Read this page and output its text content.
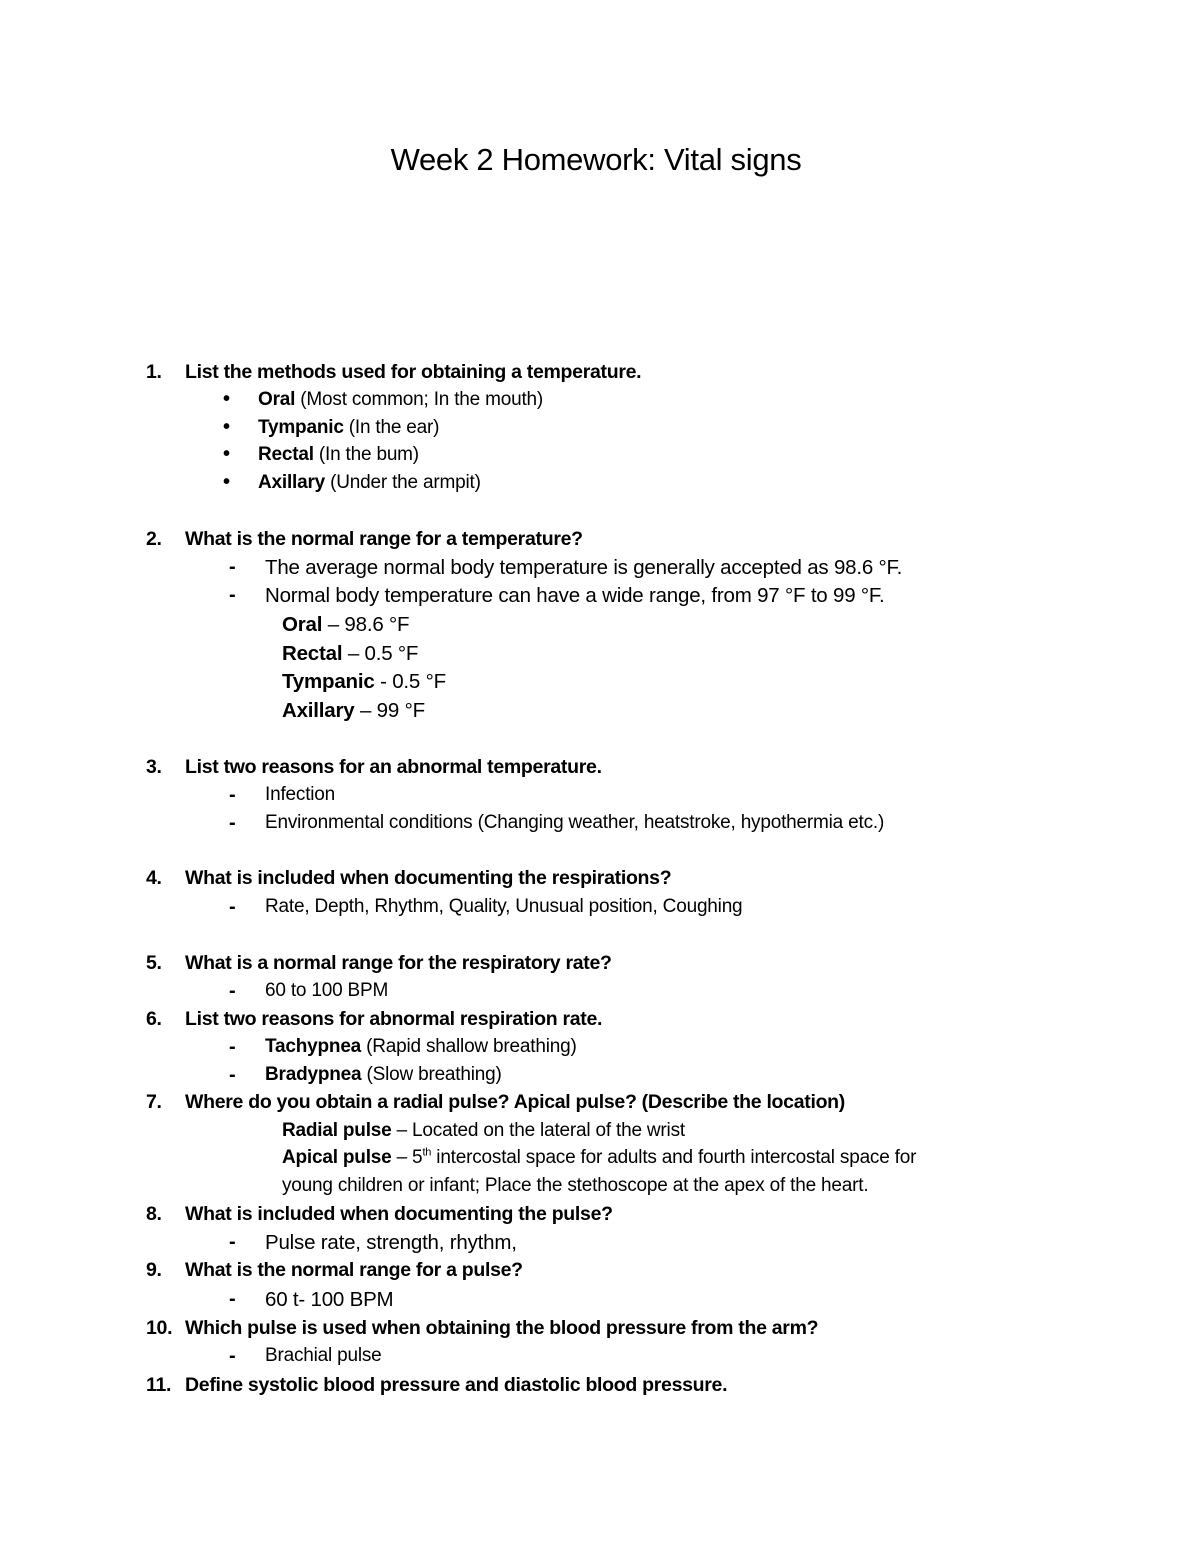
Week 2 Homework: Vital signs
1. List the methods used for obtaining a temperature.
• Oral (Most common; In the mouth)
• Tympanic (In the ear)
• Rectal (In the bum)
• Axillary (Under the armpit)
2. What is the normal range for a temperature?
- The average normal body temperature is generally accepted as 98.6 °F.
- Normal body temperature can have a wide range, from 97 °F to 99 °F.
Oral – 98.6 °F
Rectal – 0.5 °F
Tympanic - 0.5 °F
Axillary – 99 °F
3. List two reasons for an abnormal temperature.
- Infection
- Environmental conditions (Changing weather, heatstroke, hypothermia etc.)
4. What is included when documenting the respirations?
- Rate, Depth, Rhythm, Quality, Unusual position, Coughing
5. What is a normal range for the respiratory rate?
- 60 to 100 BPM
6. List two reasons for abnormal respiration rate.
- Tachypnea (Rapid shallow breathing)
- Bradypnea (Slow breathing)
7. Where do you obtain a radial pulse? Apical pulse? (Describe the location)
Radial pulse – Located on the lateral of the wrist
Apical pulse – 5th intercostal space for adults and fourth intercostal space for
young children or infant; Place the stethoscope at the apex of the heart.
8. What is included when documenting the pulse?
- Pulse rate, strength, rhythm,
9. What is the normal range for a pulse?
- 60 t- 100 BPM
10. Which pulse is used when obtaining the blood pressure from the arm?
- Brachial pulse
11. Define systolic blood pressure and diastolic blood pressure.
